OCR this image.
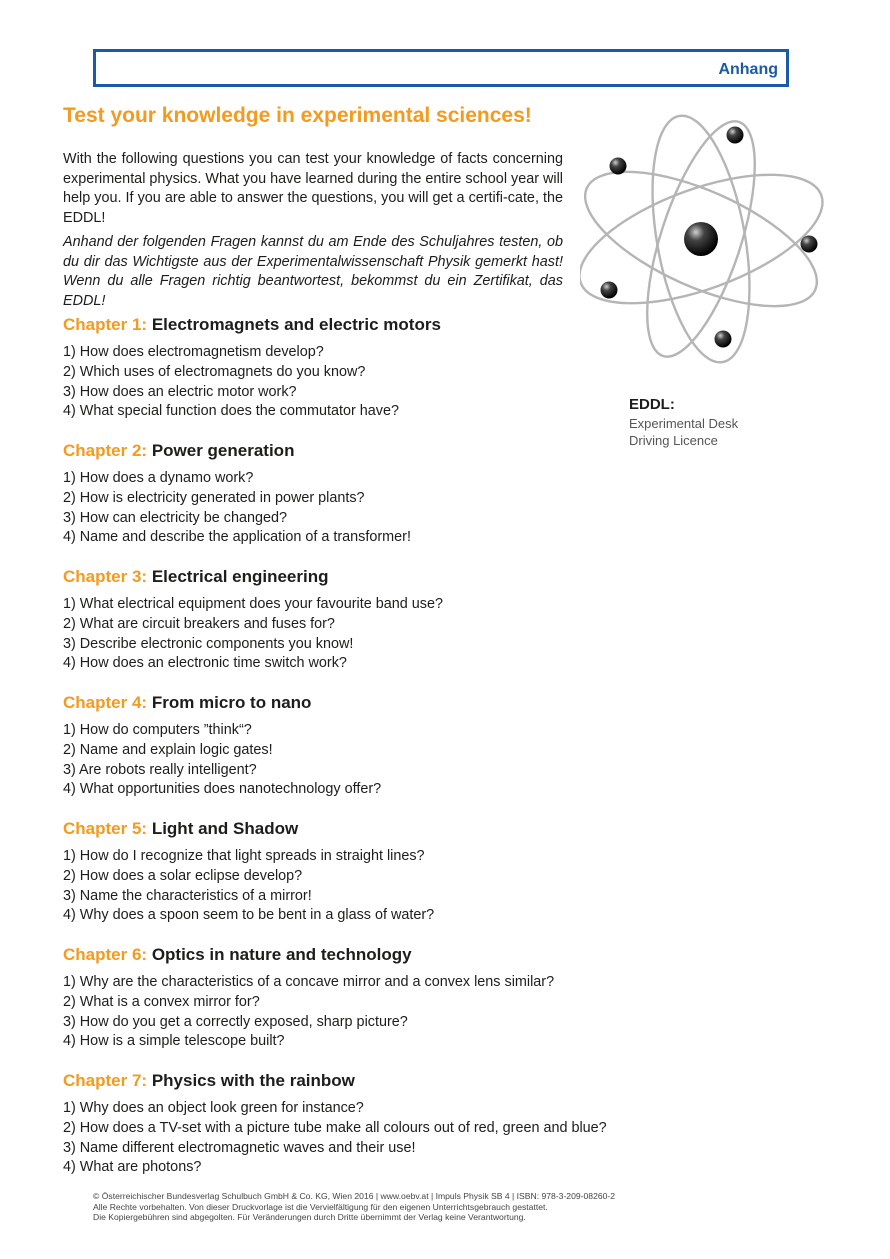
Anhang
Test your knowledge in experimental sciences!

With the following questions you can test your knowledge of facts concerning experimental physics. What you have learned during the entire school year will help you. If you are able to answer the questions, you will get a certifi-cate, the EDDL!

Anhand der folgenden Fragen kannst du am Ende des Schuljahres testen, ob du dir das Wichtigste aus der Experimentalwissenschaft Physik gemerkt hast! Wenn du alle Fragen richtig beantwortest, bekommst du ein Zertifikat, das EDDL!

EDDL:
Experimental Desk
Driving Licence
Chapter 1: Electromagnets and electric motors
1) How does electromagnetism develop?
2) Which uses of electromagnets do you know?
3) How does an electric motor work?
4) What special function does the commutator have?
Chapter 2: Power generation
1) How does a dynamo work?
2) How is electricity generated in power plants?
3) How can electricity be changed?
4) Name and describe the application of a transformer!
Chapter 3: Electrical engineering
1) What electrical equipment does your favourite band use?
2) What are circuit breakers and fuses for?
3) Describe electronic components you know!
4) How does an electronic time switch work?
Chapter 4: From micro to nano
1) How do computers ”think“?
2) Name and explain logic gates!
3) Are robots really intelligent?
4) What opportunities does nanotechnology offer?
Chapter 5: Light and Shadow
1) How do I recognize that light spreads in straight lines?
2) How does a solar eclipse develop?
3) Name the characteristics of a mirror!
4) Why does a spoon seem to be bent in a glass of water?
Chapter 6: Optics in nature and technology
1) Why are the characteristics of a concave mirror and a convex lens similar?
2) What is a convex mirror for?
3) How do you get a correctly exposed, sharp picture?
4) How is a simple telescope built?
Chapter 7: Physics with the rainbow
1) Why does an object look green for instance?
2) How does a TV-set with a picture tube make all colours out of red, green and blue?
3) Name different electromagnetic waves and their use!
4) What are photons?
© Österreichischer Bundesverlag Schulbuch GmbH & Co. KG, Wien 2016 | www.oebv.at | Impuls Physik SB 4 | ISBN: 978-3-209-08260-2
Alle Rechte vorbehalten. Von dieser Druckvorlage ist die Vervielfältigung für den eigenen Unterrichtsgebrauch gestattet.
Die Kopiergebühren sind abgegolten. Für Veränderungen durch Dritte übernimmt der Verlag keine Verantwortung.
